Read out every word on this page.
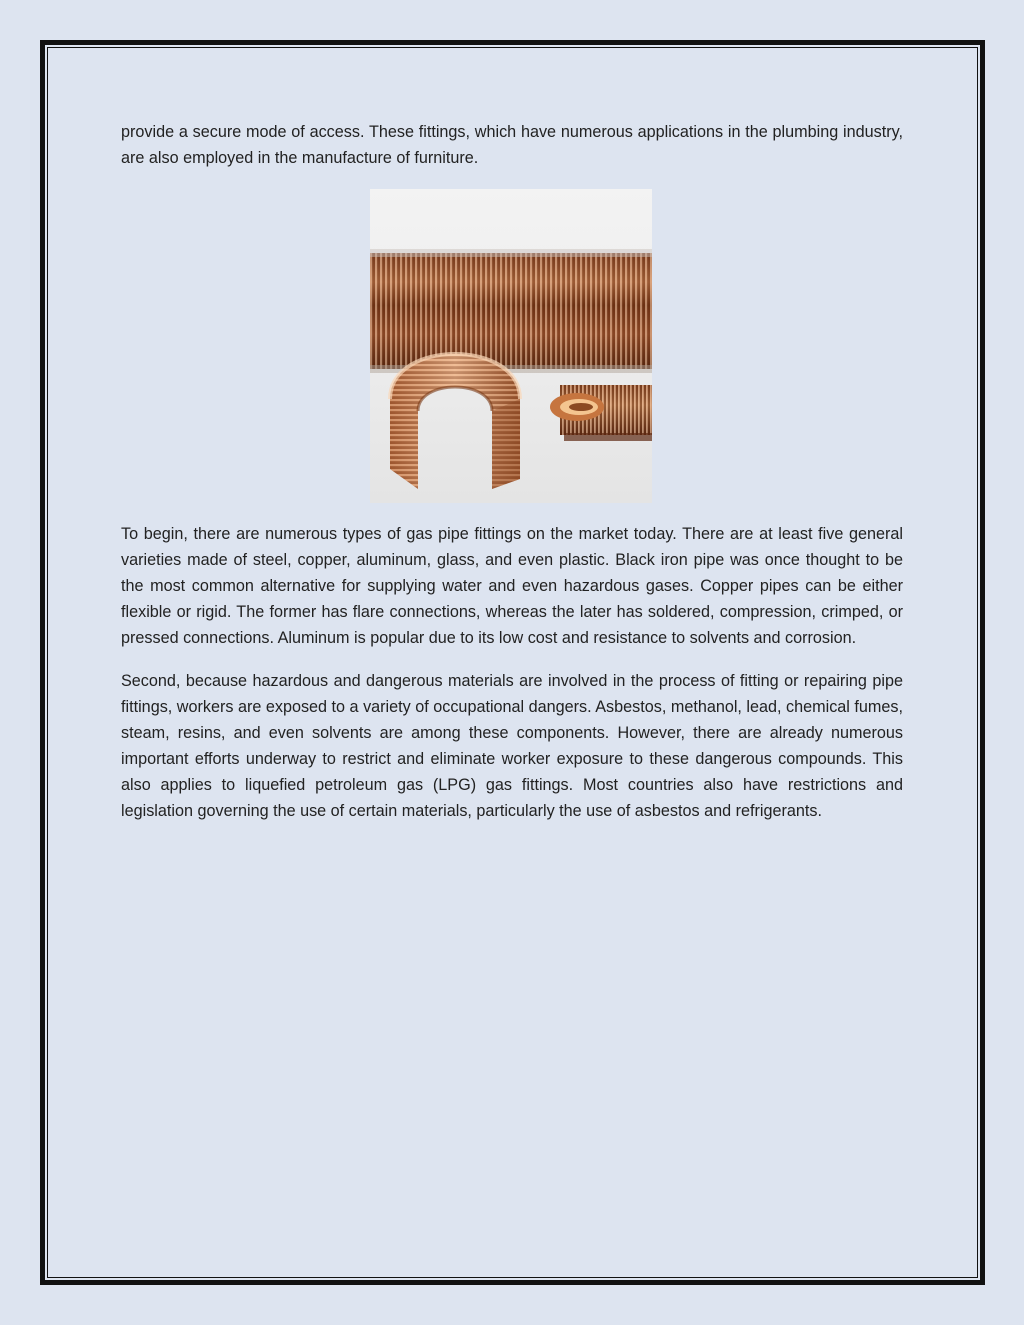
provide a secure mode of access. These fittings, which have numerous applications in the plumbing industry, are also employed in the manufacture of furniture.

To begin, there are numerous types of gas pipe fittings on the market today. There are at least five general varieties made of steel, copper, aluminum, glass, and even plastic. Black iron pipe was once thought to be the most common alternative for supplying water and even hazardous gases. Copper pipes can be either flexible or rigid. The former has flare connections, whereas the later has soldered, compression, crimped, or pressed connections. Aluminum is popular due to its low cost and resistance to solvents and corrosion.

Second, because hazardous and dangerous materials are involved in the process of fitting or repairing pipe fittings, workers are exposed to a variety of occupational dangers. Asbestos, methanol, lead, chemical fumes, steam, resins, and even solvents are among these components. However, there are already numerous important efforts underway to restrict and eliminate worker exposure to these dangerous compounds. This also applies to liquefied petroleum gas (LPG) gas fittings. Most countries also have restrictions and legislation governing the use of certain materials, particularly the use of asbestos and refrigerants.
